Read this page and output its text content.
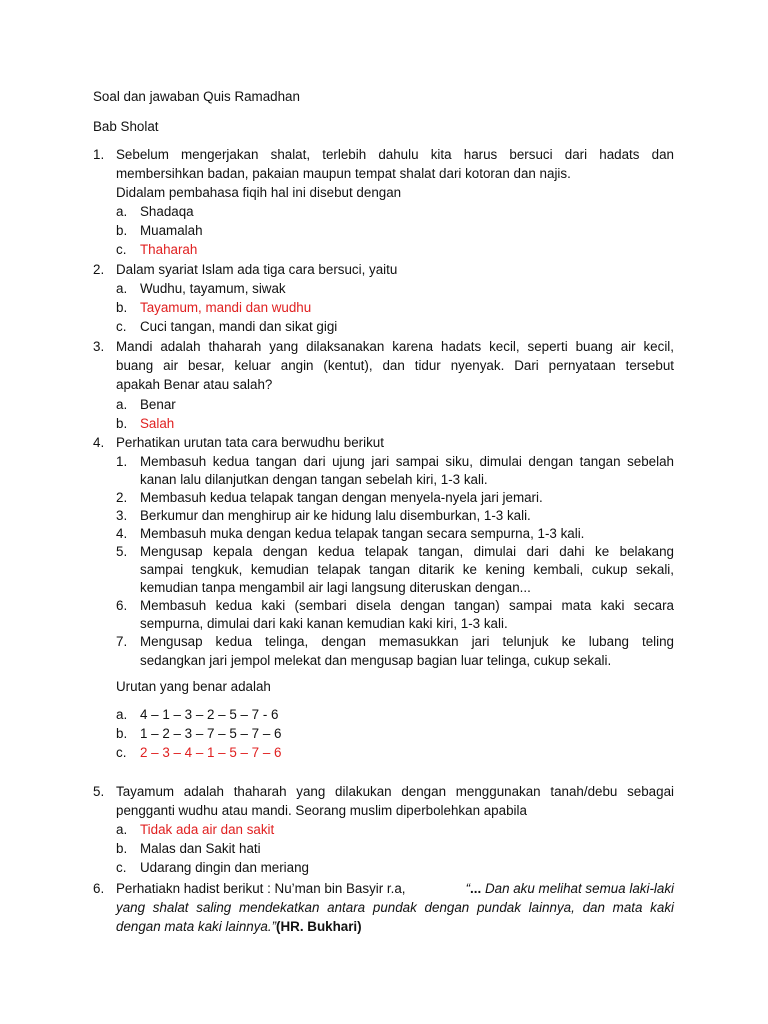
Soal dan jawaban Quis Ramadhan
Bab Sholat
1. Sebelum mengerjakan shalat, terlebih dahulu kita harus bersuci dari hadats dan
membersihkan badan, pakaian maupun tempat shalat dari kotoran dan najis.
Didalam pembahasa fiqih hal ini disebut dengan
a. Shadaqa
b. Muamalah
c. Thaharah
2. Dalam syariat Islam ada tiga cara bersuci, yaitu
a. Wudhu, tayamum, siwak
b. Tayamum, mandi dan wudhu
c. Cuci tangan, mandi dan sikat gigi
3. Mandi adalah thaharah yang dilaksanakan karena hadats kecil, seperti buang air kecil,
buang air besar, keluar angin (kentut), dan tidur nyenyak. Dari pernyataan tersebut
apakah Benar atau salah?
a. Benar
b. Salah
4. Perhatikan urutan tata cara berwudhu berikut
1. Membasuh kedua tangan dari ujung jari sampai siku, dimulai dengan tangan sebelah
kanan lalu dilanjutkan dengan tangan sebelah kiri, 1-3 kali.
2. Membasuh kedua telapak tangan dengan menyela-nyela jari jemari.
3. Berkumur dan menghirup air ke hidung lalu disemburkan, 1-3 kali.
4. Membasuh muka dengan kedua telapak tangan secara sempurna, 1-3 kali.
5. Mengusap kepala dengan kedua telapak tangan, dimulai dari dahi ke belakang
sampai tengkuk, kemudian telapak tangan ditarik ke kening kembali, cukup sekali,
kemudian tanpa mengambil air lagi langsung diteruskan dengan...
6. Membasuh kedua kaki (sembari disela dengan tangan) sampai mata kaki secara
sempurna, dimulai dari kaki kanan kemudian kaki kiri, 1-3 kali.
7. Mengusap kedua telinga, dengan memasukkan jari telunjuk ke lubang teling
sedangkan jari jempol melekat dan mengusap bagian luar telinga, cukup sekali.
Urutan yang benar adalah
a. 4 – 1 – 3 – 2 – 5 – 7 - 6
b. 1 – 2 – 3 – 7 – 5 – 7 – 6
c. 2 – 3 – 4 – 1 – 5 – 7 – 6
5. Tayamum adalah thaharah yang dilakukan dengan menggunakan tanah/debu sebagai
pengganti wudhu atau mandi. Seorang muslim diperbolehkan apabila
a. Tidak ada air dan sakit
b. Malas dan Sakit hati
c. Udarang dingin dan meriang
6. Perhatiakn hadist berikut : Nu’man bin Basyir r.a,	“... Dan aku melihat semua laki-laki
yang shalat saling mendekatkan antara pundak dengan pundak lainnya, dan mata kaki
dengan mata kaki lainnya.”(HR. Bukhari)
